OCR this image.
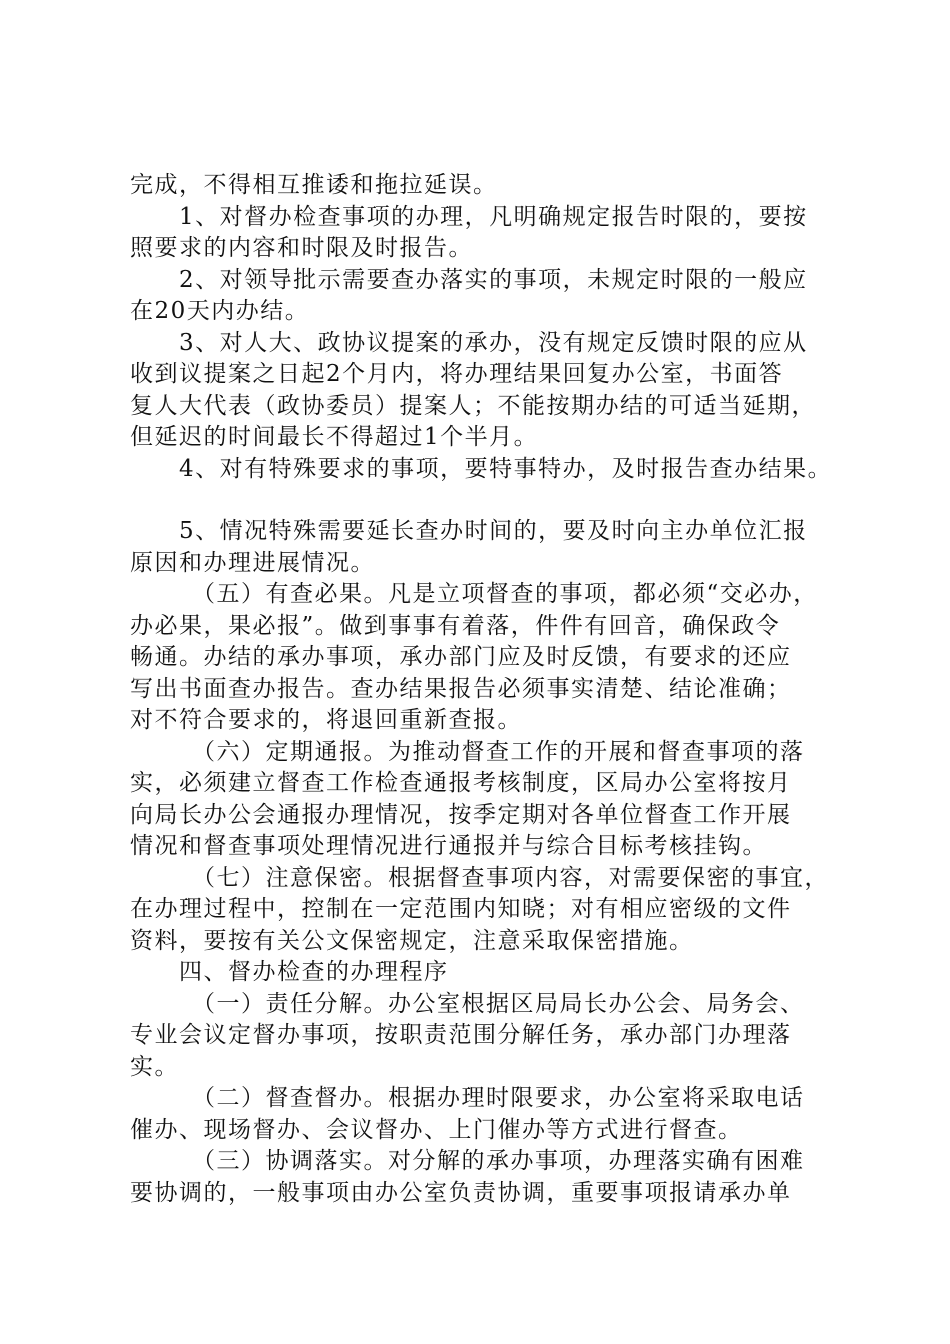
完成，不得相互推诿和拖拉延误。

　　1、对督办检查事项的办理，凡明确规定报告时限的，要按

照要求的内容和时限及时报告。

　　2、对领导批示需要查办落实的事项，未规定时限的一般应

在20天内办结。

　　3、对人大、政协议提案的承办，没有规定反馈时限的应从

收到议提案之日起2个月内，将办理结果回复办公室，书面答

复人大代表（政协委员）提案人；不能按期办结的可适当延期，

但延迟的时间最长不得超过1个半月。

　　4、对有特殊要求的事项，要特事特办，及时报告查办结果。

　　5、情况特殊需要延长查办时间的，要及时向主办单位汇报

原因和办理进展情况。

　　　（五）有查必果。凡是立项督查的事项，都必须“交必办，

办必果，果必报”。做到事事有着落，件件有回音，确保政令

畅通。办结的承办事项，承办部门应及时反馈，有要求的还应

写出书面查办报告。查办结果报告必须事实清楚、结论准确；

对不符合要求的，将退回重新查报。

　　　（六）定期通报。为推动督查工作的开展和督查事项的落

实，必须建立督查工作检查通报考核制度，区局办公室将按月

向局长办公会通报办理情况，按季定期对各单位督查工作开展

情况和督查事项处理情况进行通报并与综合目标考核挂钩。

　　　（七）注意保密。根据督查事项内容，对需要保密的事宜，

在办理过程中，控制在一定范围内知晓；对有相应密级的文件

资料，要按有关公文保密规定，注意采取保密措施。

　　四、督办检查的办理程序

　　　（一）责任分解。办公室根据区局局长办公会、局务会、

专业会议定督办事项，按职责范围分解任务，承办部门办理落

实。

　　　（二）督查督办。根据办理时限要求，办公室将采取电话

催办、现场督办、会议督办、上门催办等方式进行督查。

　　　（三）协调落实。对分解的承办事项，办理落实确有困难

要协调的，一般事项由办公室负责协调，重要事项报请承办单
